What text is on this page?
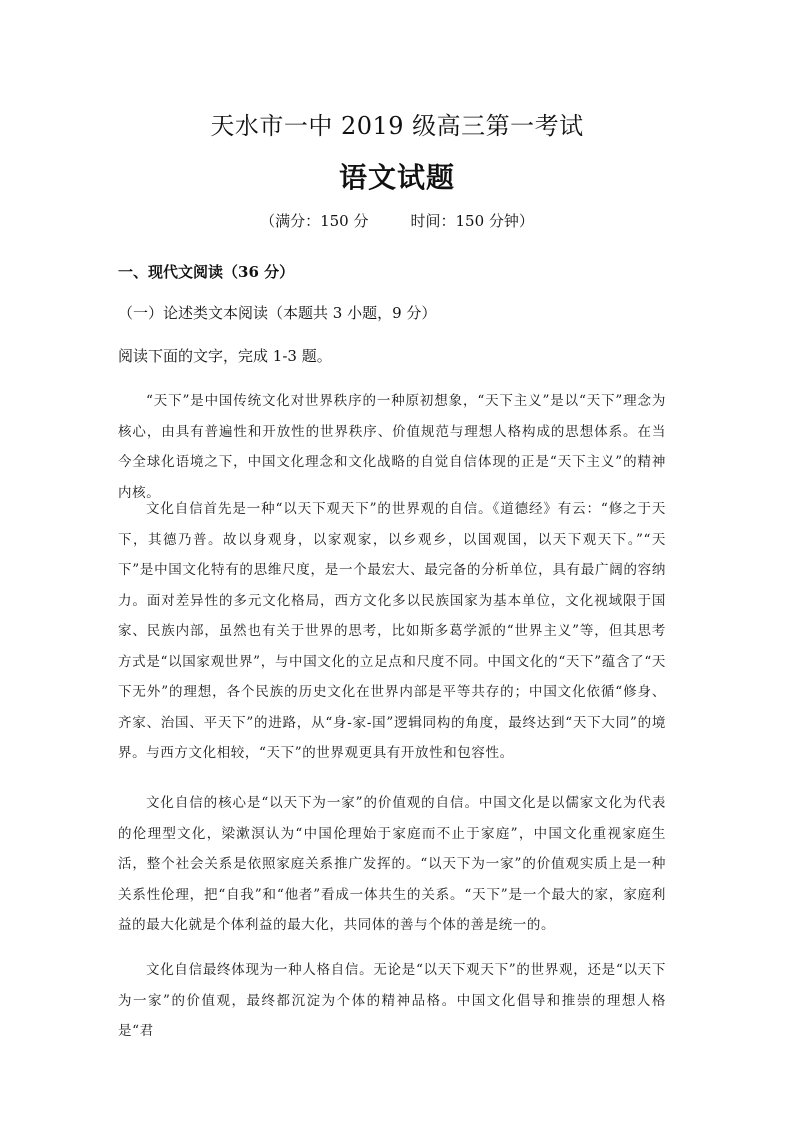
天水市一中 2019 级高三第一考试
语文试题
（满分：150 分	时间：150 分钟）
一、现代文阅读（36 分）
（一）论述类文本阅读（本题共 3 小题，9 分）
阅读下面的文字，完成 1-3 题。

“天下”是中国传统文化对世界秩序的一种原初想象，“天下主义”是以“天下”理念为核心，由具有普遍性和开放性的世界秩序、价值规范与理想人格构成的思想体系。在当今全球化语境之下，中国文化理念和文化战略的自觉自信体现的正是“天下主义”的精神内核。

文化自信首先是一种“以天下观天下”的世界观的自信。《道德经》有云：“修之于天下，其德乃普。故以身观身，以家观家，以乡观乡，以国观国，以天下观天下。”“天下”是中国文化特有的思维尺度，是一个最宏大、最完备的分析单位，具有最广阔的容纳力。面对差异性的多元文化格局，西方文化多以民族国家为基本单位，文化视域限于国家、民族内部，虽然也有关于世界的思考，比如斯多葛学派的“世界主义”等，但其思考方式是“以国家观世界”，与中国文化的立足点和尺度不同。中国文化的“天下”蕴含了“天下无外”的理想，各个民族的历史文化在世界内部是平等共存的；中国文化依循“修身、齐家、治国、平天下”的进路，从“身-家-国”逻辑同构的角度，最终达到“天下大同”的境界。与西方文化相较，“天下”的世界观更具有开放性和包容性。

文化自信的核心是“以天下为一家”的价值观的自信。中国文化是以儒家文化为代表的伦理型文化，梁漱溟认为“中国伦理始于家庭而不止于家庭”，中国文化重视家庭生活，整个社会关系是依照家庭关系推广发挥的。“以天下为一家”的价值观实质上是一种关系性伦理，把“自我”和“他者”看成一体共生的关系。“天下”是一个最大的家，家庭利益的最大化就是个体利益的最大化，共同体的善与个体的善是统一的。

文化自信最终体现为一种人格自信。无论是“以天下观天下”的世界观，还是“以天下为一家”的价值观，最终都沉淀为个体的精神品格。中国文化倡导和推崇的理想人格是“君
